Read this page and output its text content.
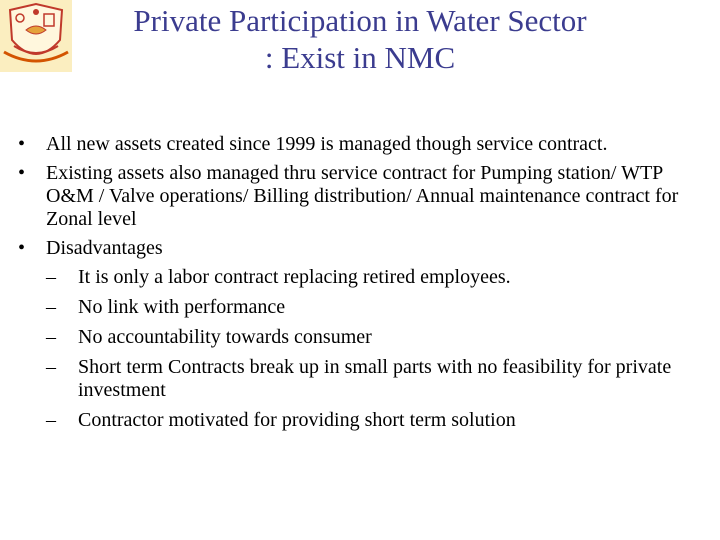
Private Participation in Water Sector
: Exist in NMC
• All new assets created since 1999 is managed though service contract.
• Existing assets also managed thru service contract for Pumping station/ WTP O&M / Valve operations/ Billing distribution/ Annual maintenance contract for Zonal level
• Disadvantages
– It is only a labor contract replacing retired employees.
– No link with performance
– No accountability towards consumer
– Short term Contracts break up in small parts with no feasibility for private investment
– Contractor motivated for providing short term solution
